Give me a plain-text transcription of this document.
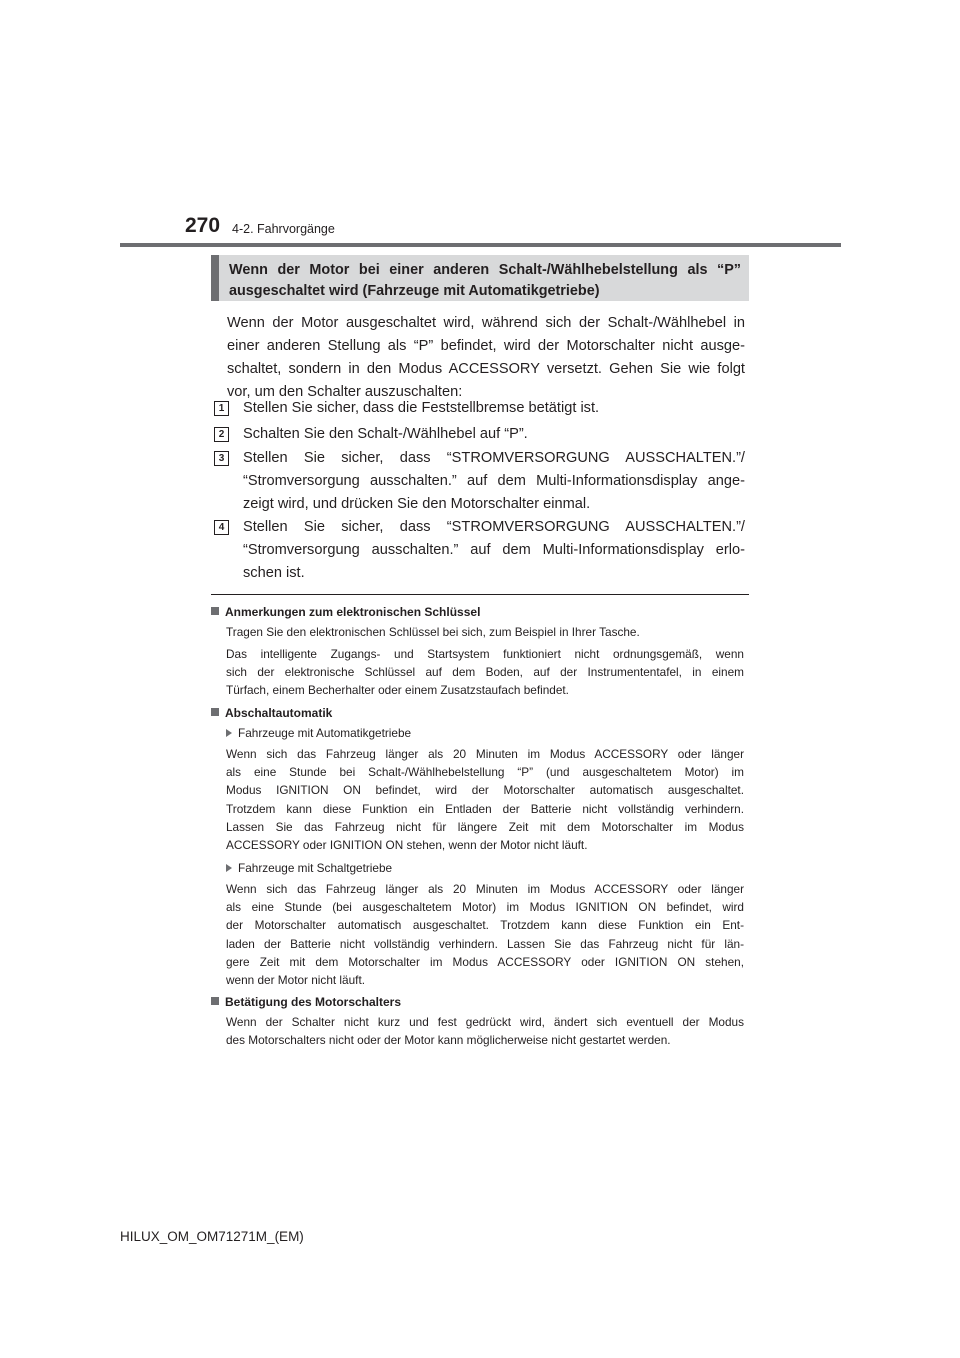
270 4-2. Fahrvorgänge
Wenn der Motor bei einer anderen Schalt-/Wählhebelstellung als “P”
ausgeschaltet wird (Fahrzeuge mit Automatikgetriebe)
Wenn der Motor ausgeschaltet wird, während sich der Schalt-/Wählhebel in
einer anderen Stellung als “P” befindet, wird der Motorschalter nicht ausge-
schaltet, sondern in den Modus ACCESSORY versetzt. Gehen Sie wie folgt
vor, um den Schalter auszuschalten:
1	Stellen Sie sicher, dass die Feststellbremse betätigt ist.
2	Schalten Sie den Schalt-/Wählhebel auf “P”.
3	Stellen Sie sicher, dass “STROMVERSORGUNG AUSSCHALTEN.”/
“Stromversorgung ausschalten.” auf dem Multi-Informationsdisplay ange-
zeigt wird, und drücken Sie den Motorschalter einmal.
4	Stellen Sie sicher, dass “STROMVERSORGUNG AUSSCHALTEN.”/
“Stromversorgung ausschalten.” auf dem Multi-Informationsdisplay erlo-
schen ist.
Anmerkungen zum elektronischen Schlüssel
Tragen Sie den elektronischen Schlüssel bei sich, zum Beispiel in Ihrer Tasche.
Das intelligente Zugangs- und Startsystem funktioniert nicht ordnungsgemäß, wenn
sich der elektronische Schlüssel auf dem Boden, auf der Instrumententafel, in einem
Türfach, einem Becherhalter oder einem Zusatzstaufach befindet.
Abschaltautomatik
Fahrzeuge mit Automatikgetriebe
Wenn sich das Fahrzeug länger als 20 Minuten im Modus ACCESSORY oder länger
als eine Stunde bei Schalt-/Wählhebelstellung “P” (und ausgeschaltetem Motor) im
Modus IGNITION ON befindet, wird der Motorschalter automatisch ausgeschaltet.
Trotzdem kann diese Funktion ein Entladen der Batterie nicht vollständig verhindern.
Lassen Sie das Fahrzeug nicht für längere Zeit mit dem Motorschalter im Modus
ACCESSORY oder IGNITION ON stehen, wenn der Motor nicht läuft.
Fahrzeuge mit Schaltgetriebe
Wenn sich das Fahrzeug länger als 20 Minuten im Modus ACCESSORY oder länger
als eine Stunde (bei ausgeschaltetem Motor) im Modus IGNITION ON befindet, wird
der Motorschalter automatisch ausgeschaltet. Trotzdem kann diese Funktion ein Ent-
laden der Batterie nicht vollständig verhindern. Lassen Sie das Fahrzeug nicht für län-
gere Zeit mit dem Motorschalter im Modus ACCESSORY oder IGNITION ON stehen,
wenn der Motor nicht läuft.
Betätigung des Motorschalters
Wenn der Schalter nicht kurz und fest gedrückt wird, ändert sich eventuell der Modus
des Motorschalters nicht oder der Motor kann möglicherweise nicht gestartet werden.
HILUX_OM_OM71271M_(EM)
